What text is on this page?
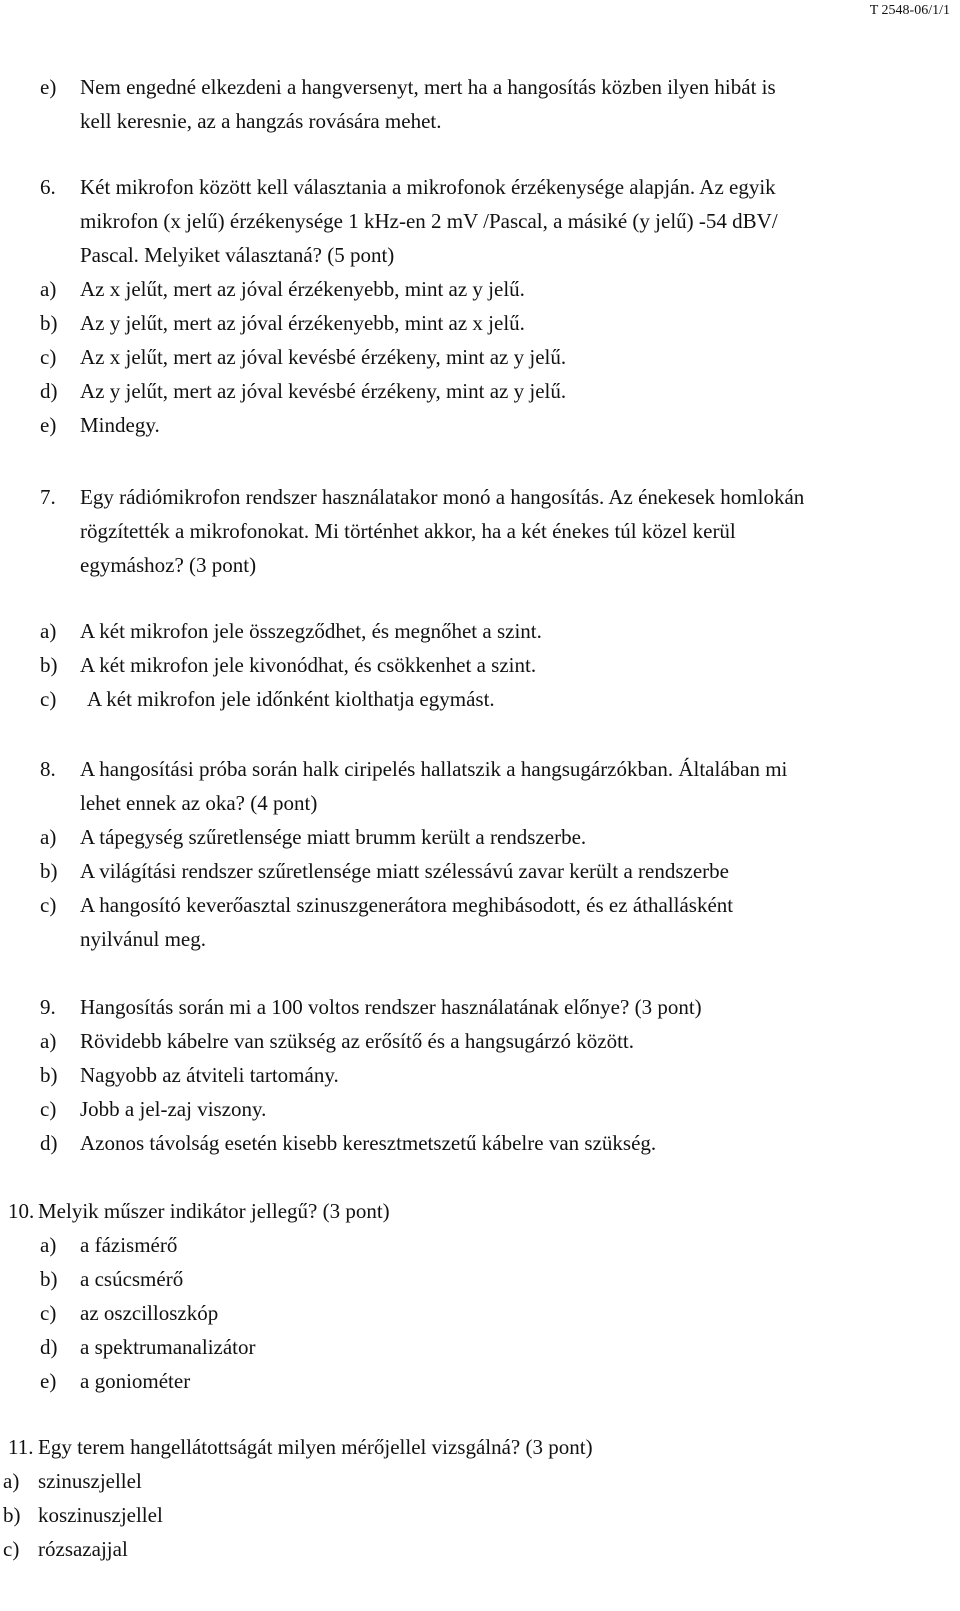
T 2548-06/1/1
e) Nem engedné elkezdeni a hangversenyt, mert ha a hangosítás közben ilyen hibát is
kell keresnie, az a hangzás rovására mehet.
6. Két mikrofon között kell választania a mikrofonok érzékenysége alapján. Az egyik
mikrofon (x jelű) érzékenysége 1 kHz-en 2 mV /Pascal, a másiké (y jelű) -54 dBV/
Pascal. Melyiket választaná? (5 pont)
a) Az x jelűt, mert az jóval érzékenyebb, mint az y jelű.
b) Az y jelűt, mert az jóval érzékenyebb, mint az x jelű.
c) Az x jelűt, mert az jóval kevésbé érzékeny, mint az y jelű.
d) Az y jelűt, mert az jóval kevésbé érzékeny, mint az y jelű.
e) Mindegy.
7. Egy rádiómikrofon rendszer használatakor monó a hangosítás. Az énekesek homlokán
rögzítették a mikrofonokat. Mi történhet akkor, ha a két énekes túl közel kerül
egymáshoz? (3 pont)
a) A két mikrofon jele összegződhet, és megnőhet a szint.
b) A két mikrofon jele kivonódhat, és csökkenhet a szint.
c) A két mikrofon jele időnként kiolthatja egymást.
8. A hangosítási próba során halk ciripelés hallatszik a hangsugárzókban. Általában mi
lehet ennek az oka? (4 pont)
a) A tápegység szűretlensége miatt brumm került a rendszerbe.
b) A világítási rendszer szűretlensége miatt szélessávú zavar került a rendszerbe
c) A hangosító keverőasztal szinuszgenerátora meghibásodott, és ez áthallásként
nyilvánul meg.
9. Hangosítás során mi a 100 voltos rendszer használatának előnye? (3 pont)
a) Rövidebb kábelre van szükség az erősítő és a hangsugárzó között.
b) Nagyobb az átviteli tartomány.
c) Jobb a jel-zaj viszony.
d) Azonos távolság esetén kisebb keresztmetszetű kábelre van szükség.
10. Melyik műszer indikátor jellegű? (3 pont)
a) a fázismérő
b) a csúcsmérő
c) az oszcilloszkóp
d) a spektrumanalizátor
e) a goniométer
11. Egy terem hangellátottságát milyen mérőjellel vizsgálná? (3 pont)
a) szinuszjellel
b) koszinuszjellel
c) rózsazajjal
